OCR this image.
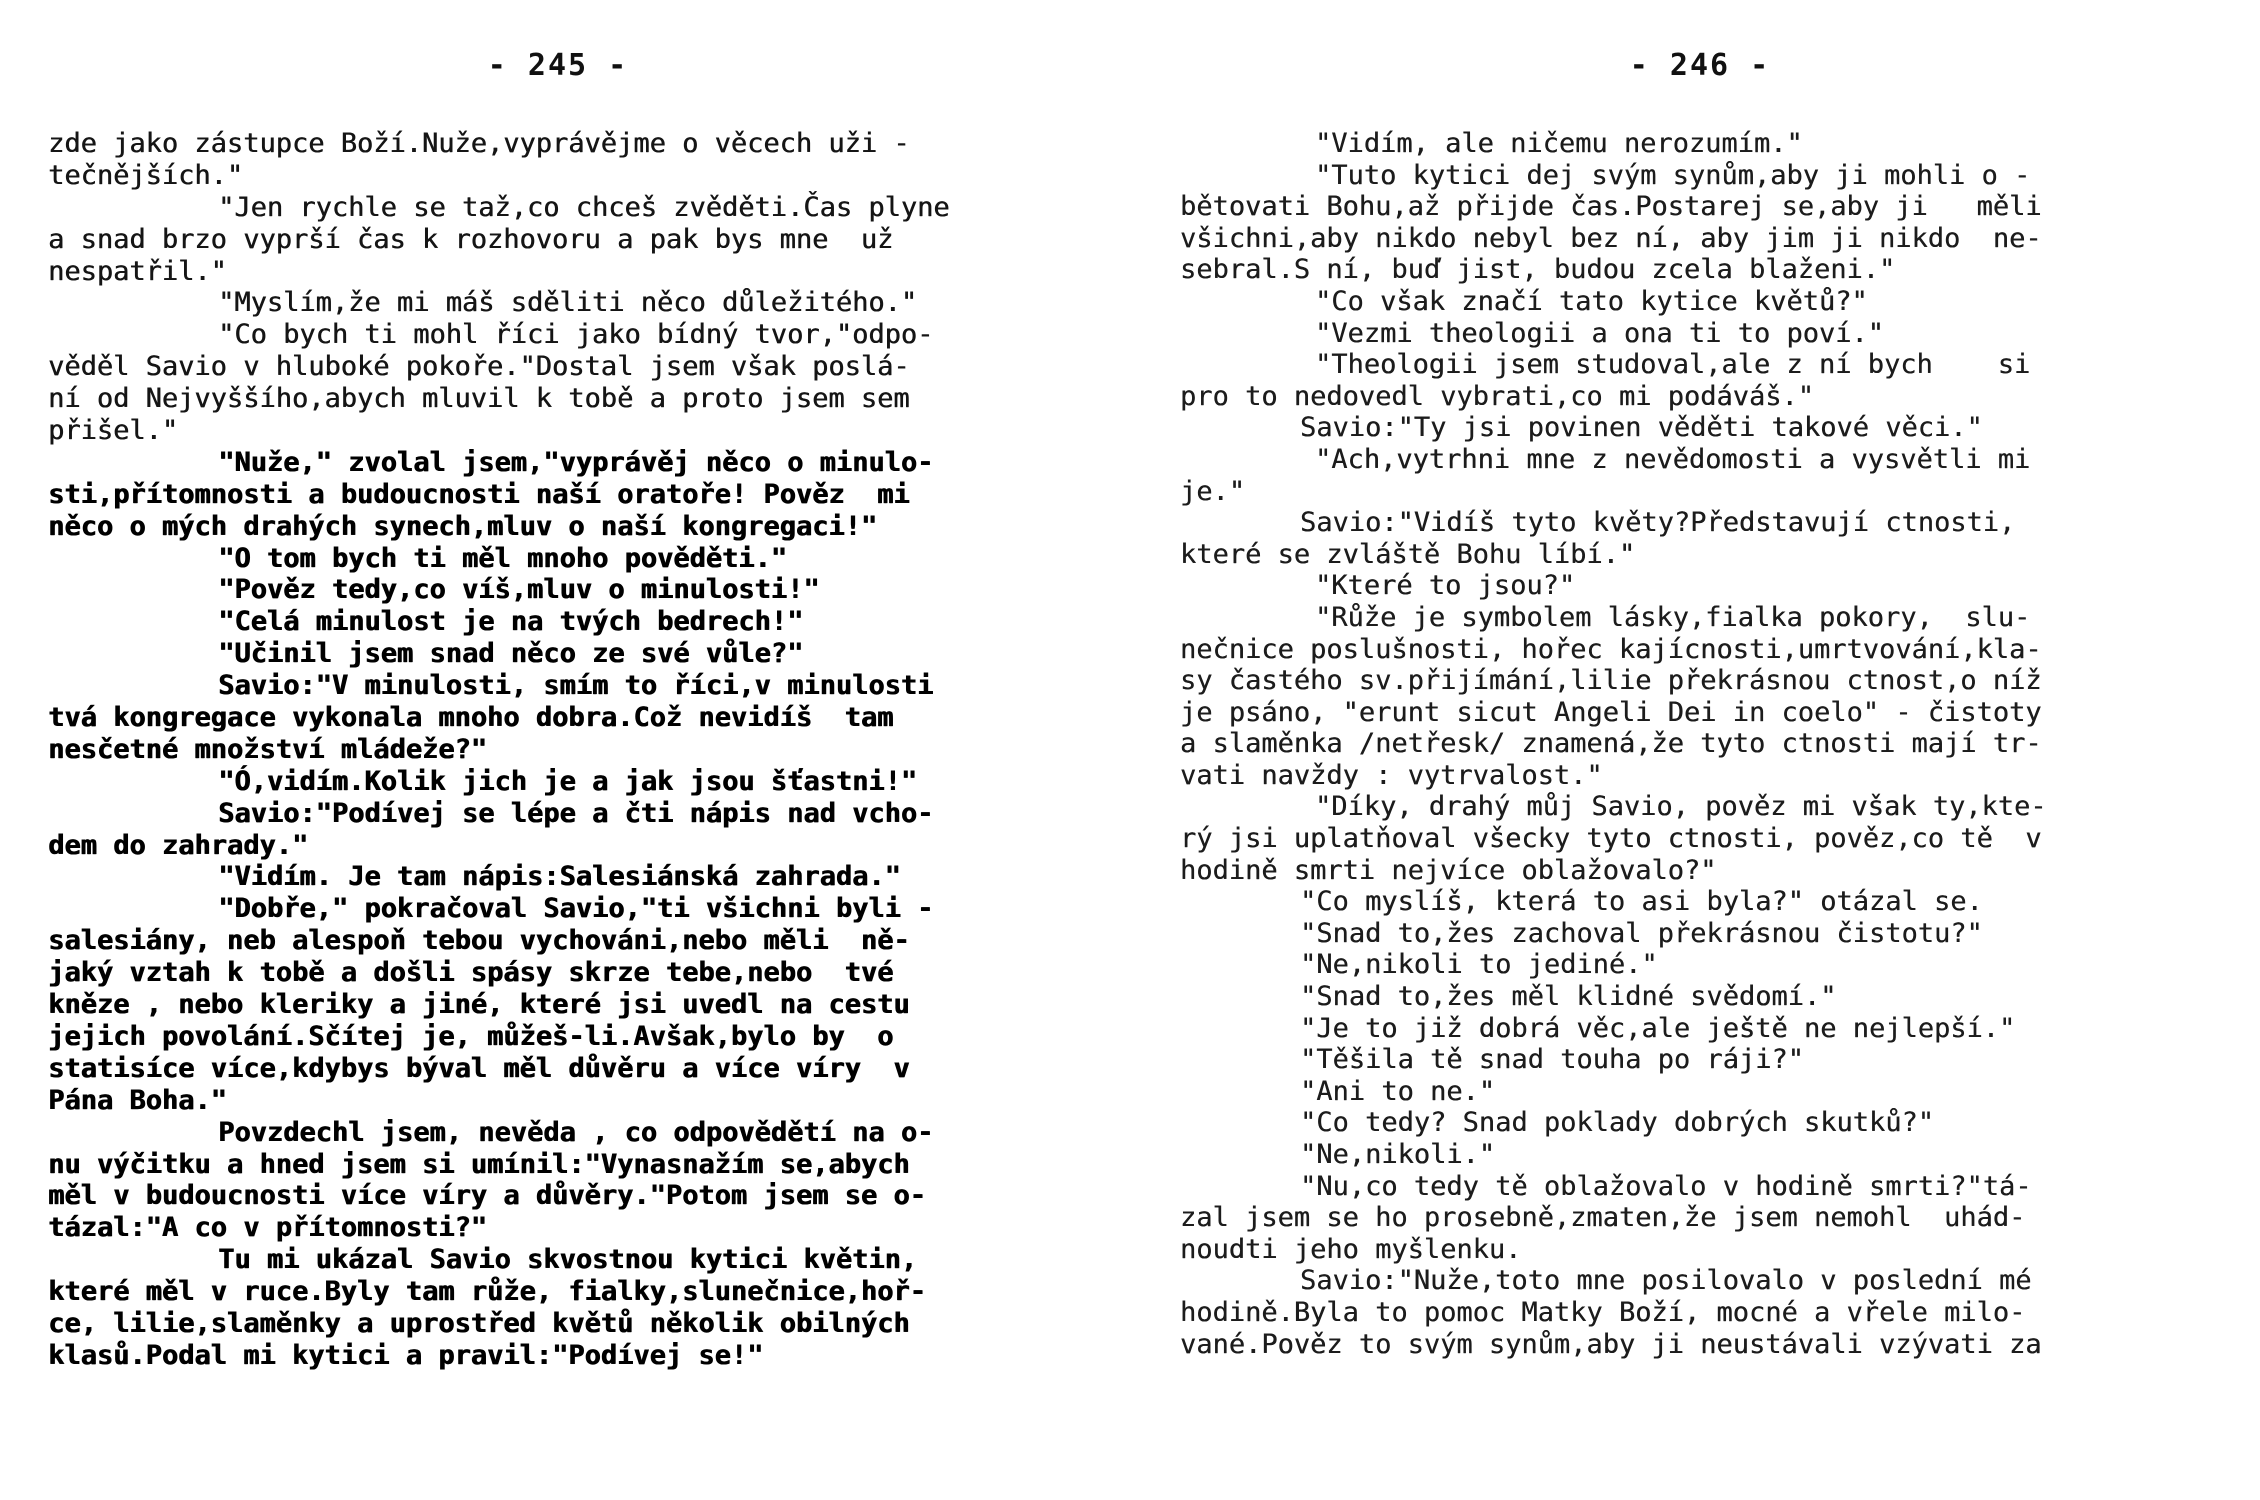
- 245 -
zde jako zástupce Boží.Nuže,vyprávějme o věcech uži -
tečnějších."
"Jen rychle se taž,co chceš zvěděti.Čas plyne
a snad brzo vyprší čas k rozhovoru a pak bys mne  už
nespatřil."
"Myslím,že mi máš sděliti něco důležitého."
"Co bych ti mohl říci jako bídný tvor,"odpo-
věděl Savio v hluboké pokoře."Dostal jsem však poslá-
ní od Nejvyššího,abych mluvil k tobě a proto jsem sem
přišel."
"Nuže," zvolal jsem,"vyprávěj něco o minulo-
sti,přítomnosti a budoucnosti naší oratoře! Pověz  mi
něco o mých drahých synech,mluv o naší kongregaci!"
"O tom bych ti měl mnoho pověděti."
"Pověz tedy,co víš,mluv o minulosti!"
"Celá minulost je na tvých bedrech!"
"Učinil jsem snad něco ze své vůle?"
Savio:"V minulosti, smím to říci,v minulosti
tvá kongregace vykonala mnoho dobra.Což nevidíš  tam
nesčetné množství mládeže?"
"Ó,vidím.Kolik jich je a jak jsou šťastni!"
Savio:"Podívej se lépe a čti nápis nad vcho-
dem do zahrady."
"Vidím. Je tam nápis:Salesiánská zahrada."
"Dobře," pokračoval Savio,"ti všichni byli -
salesiány, neb alespoň tebou vychováni,nebo měli  ně-
jaký vztah k tobě a došli spásy skrze tebe,nebo  tvé
kněze , nebo kleriky a jiné, které jsi uvedl na cestu
jejich povolání.Sčítej je, můžeš-li.Avšak,bylo by  o
statisíce více,kdybys býval měl důvěru a více víry  v
Pána Boha."
Povzdechl jsem, nevěda , co odpovědětí na o-
nu výčitku a hned jsem si umínil:"Vynasnažím se,abych
měl v budoucnosti více víry a důvěry."Potom jsem se o-
tázal:"A co v přítomnosti?"
Tu mi ukázal Savio skvostnou kytici květin,
které měl v ruce.Byly tam růže, fialky,slunečnice,hoř-
ce, lilie,slaměnky a uprostřed květů několik obilných
klasů.Podal mi kytici a pravil:"Podívej se!"
- 246 -
"Vidím, ale ničemu nerozumím."
"Tuto kytici dej svým synům,aby ji mohli o -
bětovati Bohu,až přijde čas.Postarej se,aby ji   měli
všichni,aby nikdo nebyl bez ní, aby jim ji nikdo  ne-
sebral.S ní, buď jist, budou zcela blaženi."
"Co však značí tato kytice květů?"
"Vezmi theologii a ona ti to poví."
"Theologii jsem studoval,ale z ní bych    si
pro to nedovedl vybrati,co mi podáváš."
Savio:"Ty jsi povinen věděti takové věci."
"Ach,vytrhni mne z nevědomosti a vysvětli mi
je."
Savio:"Vidíš tyto květy?Představují ctnosti,
které se zvláště Bohu líbí."
"Které to jsou?"
"Růže je symbolem lásky,fialka pokory,  slu-
nečnice poslušnosti, hořec kajícnosti,umrtvování,kla-
sy častého sv.přijímání,lilie překrásnou ctnost,o níž
je psáno, "erunt sicut Angeli Dei in coelo" - čistoty
a slaměnka /netřesk/ znamená,že tyto ctnosti mají tr-
vati navždy : vytrvalost."
"Díky, drahý můj Savio, pověz mi však ty,kte-
rý jsi uplatňoval všecky tyto ctnosti, pověz,co tě  v
hodině smrti nejvíce oblažovalo?"
"Co myslíš, která to asi byla?" otázal se.
"Snad to,žes zachoval překrásnou čistotu?"
"Ne,nikoli to jediné."
"Snad to,žes měl klidné svědomí."
"Je to již dobrá věc,ale ještě ne nejlepší."
"Těšila tě snad touha po ráji?"
"Ani to ne."
"Co tedy? Snad poklady dobrých skutků?"
"Ne,nikoli."
"Nu,co tedy tě oblažovalo v hodině smrti?"tá-
zal jsem se ho prosebně,zmaten,že jsem nemohl  uhád-
noudti jeho myšlenku.
Savio:"Nuže,toto mne posilovalo v poslední mé
hodině.Byla to pomoc Matky Boží, mocné a vřele milo-
vané.Pověz to svým synům,aby ji neustávali vzývati za
